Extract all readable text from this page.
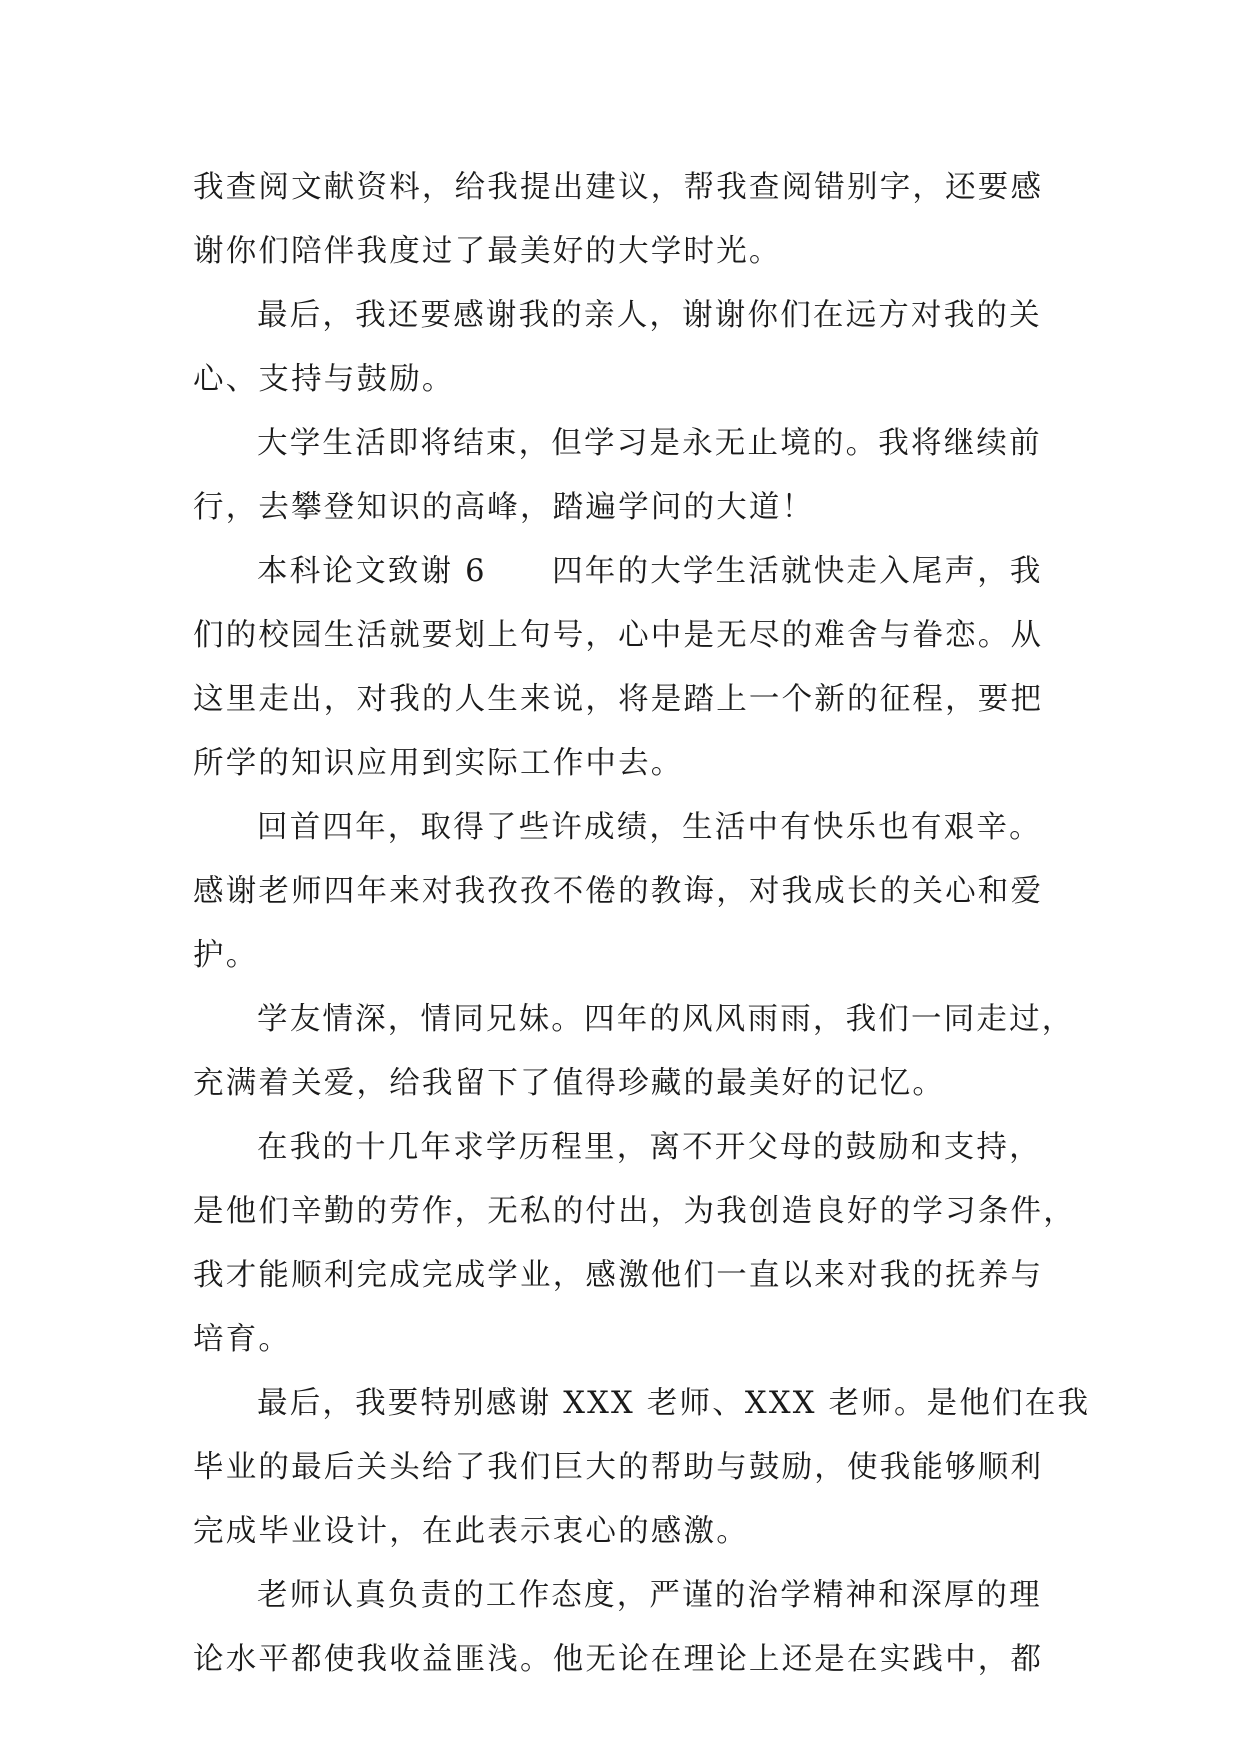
我查阅文献资料，给我提出建议，帮我查阅错别字，还要感
谢你们陪伴我度过了最美好的大学时光。
最后，我还要感谢我的亲人，谢谢你们在远方对我的关
心、支持与鼓励。
大学生活即将结束，但学习是永无止境的。我将继续前
行，去攀登知识的高峰，踏遍学问的大道！
本科论文致谢 6　　四年的大学生活就快走入尾声，我
们的校园生活就要划上句号，心中是无尽的难舍与眷恋。从
这里走出，对我的人生来说，将是踏上一个新的征程，要把
所学的知识应用到实际工作中去。
回首四年，取得了些许成绩，生活中有快乐也有艰辛。
感谢老师四年来对我孜孜不倦的教诲，对我成长的关心和爱
护。
学友情深，情同兄妹。四年的风风雨雨，我们一同走过，
充满着关爱，给我留下了值得珍藏的最美好的记忆。
在我的十几年求学历程里，离不开父母的鼓励和支持，
是他们辛勤的劳作，无私的付出，为我创造良好的学习条件，
我才能顺利完成完成学业，感激他们一直以来对我的抚养与
培育。
最后，我要特别感谢 XXX 老师、XXX 老师。是他们在我
毕业的最后关头给了我们巨大的帮助与鼓励，使我能够顺利
完成毕业设计，在此表示衷心的感激。
老师认真负责的工作态度，严谨的治学精神和深厚的理
论水平都使我收益匪浅。他无论在理论上还是在实践中，都
